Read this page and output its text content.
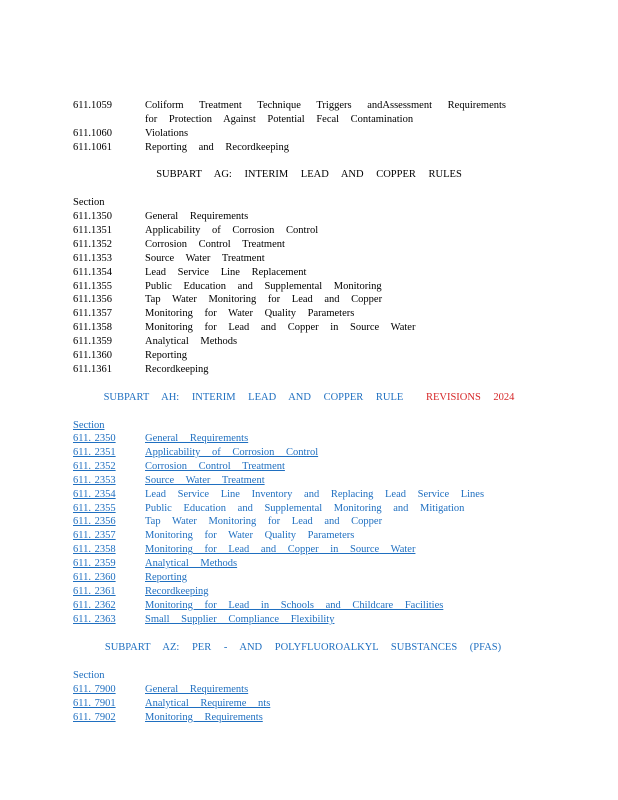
611.1059	Coliform Treatment Technique Triggers andAssessment Requirements for Protection Against Potential Fecal Contamination
611.1060	Violations
611.1061	Reporting and Recordkeeping
SUBPART AG: INTERIM LEAD AND COPPER RULES
Section
611.1350	General Requirements
611.1351	Applicability of Corrosion Control
611.1352	Corrosion Control Treatment
611.1353	Source Water Treatment
611.1354	Lead Service Line Replacement
611.1355	Public Education and Supplemental Monitoring
611.1356	Tap Water Monitoring for Lead and Copper
611.1357	Monitoring for Water Quality Parameters
611.1358	Monitoring for Lead and Copper in Source Water
611.1359	Analytical Methods
611.1360	Reporting
611.1361	Recordkeeping
SUBPART AH: INTERIM LEAD AND COPPER RULE REVISIONS 2024
Section
611. 2350	General Requirements
611. 2351	Applicability of Corrosion Control
611. 2352	Corrosion Control Treatment
611. 2353	Source Water Treatment
611. 2354	Lead Service Line Inventory and Replacing Lead Service Lines
611. 2355	Public Education and Supplemental Monitoring and Mitigation
611. 2356	Tap Water Monitoring for Lead and Copper
611. 2357	Monitoring for Water Quality Parameters
611. 2358	Monitoring for Lead and Copper in Source Water
611. 2359	Analytical Methods
611. 2360	Reporting
611. 2361	Recordkeeping
611. 2362	Monitoring for Lead in Schools and Childcare Facilities
611. 2363	Small Supplier Compliance Flexibility
SUBPART AZ: PER - AND POLYFLUOROALKYL SUBSTANCES (PFAS)
Section
611. 7900	General Requirements
611. 7901	Analytical Requireme nts
611. 7902	Monitoring Requirements
